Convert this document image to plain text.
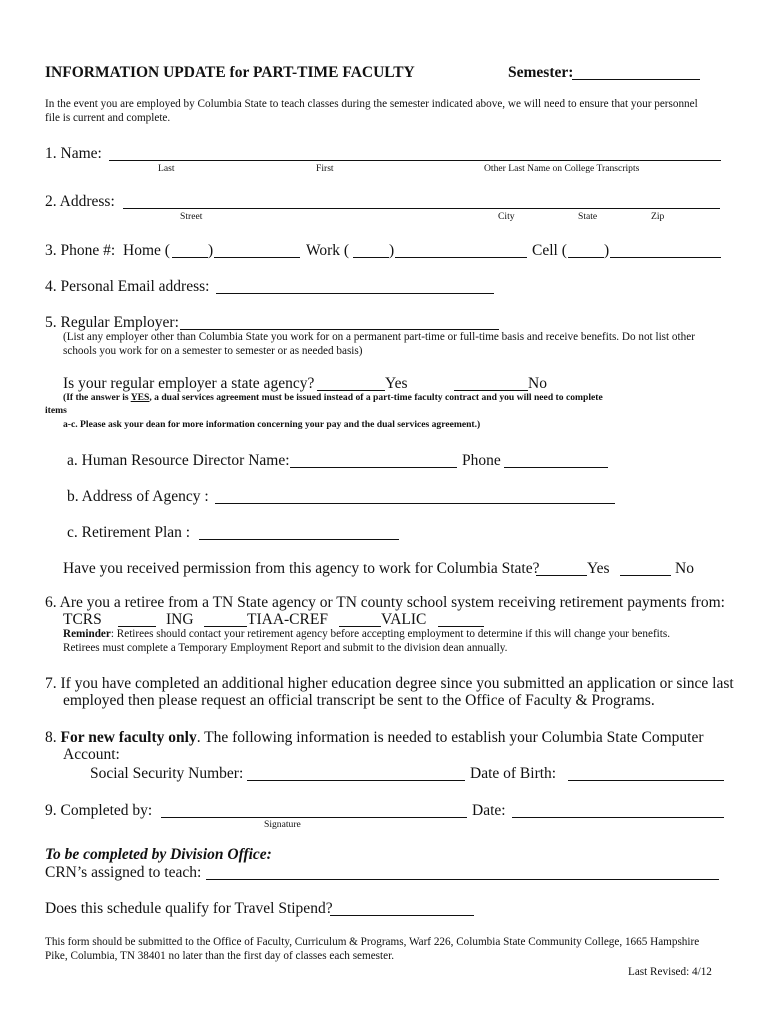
INFORMATION UPDATE for PART-TIME FACULTY	Semester:
In the event you are employed by Columbia State to teach classes during the semester indicated above, we will need to ensure that your personnel
file is current and complete.
1. Name:
Last	First	Other Last Name on College Transcripts
2. Address:
Street	City	State	Zip
3. Phone #: Home ( )	Work (	)	Cell ( )
4. Personal Email address:
5. Regular Employer:
(List any employer other than Columbia State you work for on a permanent part-time or full-time basis and receive benefits. Do not list other
schools you work for on a semester to semester or as needed basis)
Is your regular employer a state agency?	Yes	No
(If the answer is YES, a dual services agreement must be issued instead of a part-time faculty contract and you will need to complete
items
a-c. Please ask your dean for more information concerning your pay and the dual services agreement.)
a. Human Resource Director Name:	Phone
b. Address of Agency :
c. Retirement Plan :
Have you received permission from this agency to work for Columbia State?	Yes	No
6. Are you a retiree from a TN State agency or TN county school system receiving retirement payments from:
TCRS	ING	TIAA-CREF	VALIC
Reminder: Retirees should contact your retirement agency before accepting employment to determine if this will change your benefits.
Retirees must complete a Temporary Employment Report and submit to the division dean annually.
7. If you have completed an additional higher education degree since you submitted an application or since last
employed then please request an official transcript be sent to the Office of Faculty & Programs.
8. For new faculty only. The following information is needed to establish your Columbia State Computer
Account:
Social Security Number:	Date of Birth:
9. Completed by:	Date:
Signature
To be completed by Division Office:
CRN’s assigned to teach:
Does this schedule qualify for Travel Stipend?
This form should be submitted to the Office of Faculty, Curriculum & Programs, Warf 226, Columbia State Community College, 1665 Hampshire
Pike, Columbia, TN 38401 no later than the first day of classes each semester.
Last Revised: 4/12
